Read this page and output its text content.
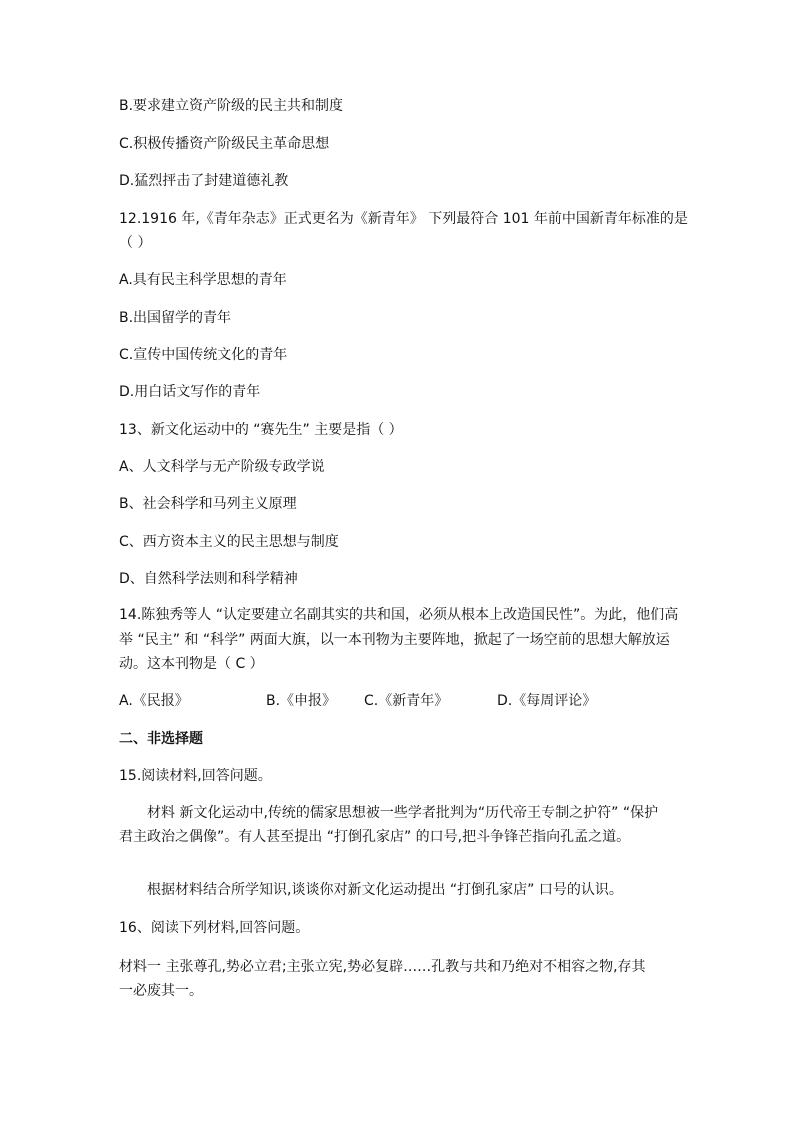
B.要求建立资产阶级的民主共和制度
C.积极传播资产阶级民主革命思想
D.猛烈抨击了封建道德礼教
12.1916 年,《青年杂志》正式更名为《新青年》 下列最符合 101 年前中国新青年标准的是
（ ）
A.具有民主科学思想的青年
B.出国留学的青年
C.宣传中国传统文化的青年
D.用白话文写作的青年
13、新文化运动中的 “赛先生” 主要是指（ ）
A、人文科学与无产阶级专政学说
B、社会科学和马列主义原理
C、西方资本主义的民主思想与制度
D、自然科学法则和科学精神
14.陈独秀等人 “认定要建立名副其实的共和国，必须从根本上改造国民性”。为此，他们高
举 “民主” 和 “科学” 两面大旗，以一本刊物为主要阵地，掀起了一场空前的思想大解放运
动。这本刊物是（ C ）
A.《民报》	B.《申报》 C.《新青年》	D.《每周评论》
二、非选择题
15.阅读材料,回答问题。
材料 新文化运动中,传统的儒家思想被一些学者批判为“历代帝王专制之护符” “保护
君主政治之偶像”。有人甚至提出 “打倒孔家店” 的口号,把斗争锋芒指向孔孟之道。
根据材料结合所学知识,谈谈你对新文化运动提出 “打倒孔家店” 口号的认识。
16、阅读下列材料,回答问题。
材料一 主张尊孔,势必立君;主张立宪,势必复辟……孔教与共和乃绝对不相容之物,存其
一必废其一。
